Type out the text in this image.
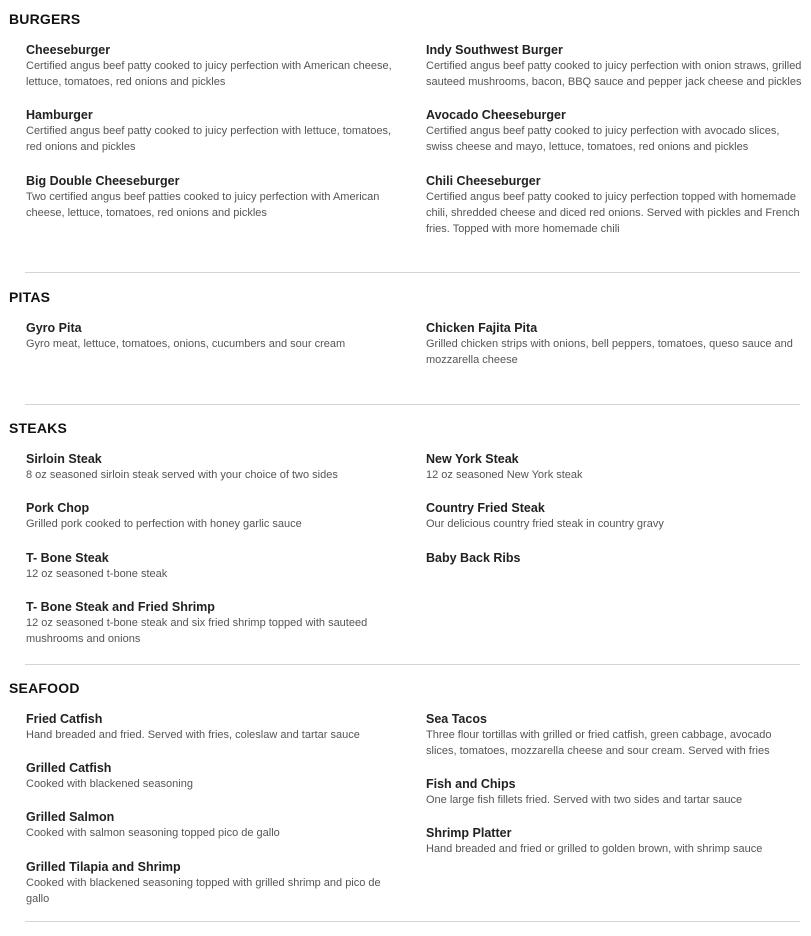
BURGERS

Cheeseburger

Certified angus beef patty cooked to juicy perfection with American cheese, lettuce, tomatoes, red onions and pickles

Hamburger

Certified angus beef patty cooked to juicy perfection with lettuce, tomatoes, red onions and pickles

Big Double Cheeseburger

Two certified angus beef patties cooked to juicy perfection with American cheese, lettuce, tomatoes, red onions and pickles

Indy Southwest Burger

Certified angus beef patty cooked to juicy perfection with onion straws, grilled sauteed mushrooms, bacon, BBQ sauce and pepper jack cheese and pickles

Avocado Cheeseburger

Certified angus beef patty cooked to juicy perfection with avocado slices, swiss cheese and mayo, lettuce, tomatoes, red onions and pickles

Chili Cheeseburger

Certified angus beef patty cooked to juicy perfection topped with homemade chili, shredded cheese and diced red onions. Served with pickles and French fries. Topped with more homemade chili

PITAS

Gyro Pita

Gyro meat, lettuce, tomatoes, onions, cucumbers and sour cream

Chicken Fajita Pita

Grilled chicken strips with onions, bell peppers, tomatoes, queso sauce and mozzarella cheese

STEAKS

Sirloin Steak

8 oz seasoned sirloin steak served with your choice of two sides

Pork Chop

Grilled pork cooked to perfection with honey garlic sauce

T- Bone Steak

12 oz seasoned t-bone steak

T- Bone Steak and Fried Shrimp

12 oz seasoned t-bone steak and six fried shrimp topped with sauteed mushrooms and onions

New York Steak

12 oz seasoned New York steak

Country Fried Steak

Our delicious country fried steak in country gravy

Baby Back Ribs

SEAFOOD

Fried Catfish

Hand breaded and fried. Served with fries, coleslaw and tartar sauce

Grilled Catfish

Cooked with blackened seasoning

Grilled Salmon

Cooked with salmon seasoning topped pico de gallo

Grilled Tilapia and Shrimp

Cooked with blackened seasoning topped with grilled shrimp and pico de gallo

Sea Tacos

Three flour tortillas with grilled or fried catfish, green cabbage, avocado slices, tomatoes, mozzarella cheese and sour cream. Served with fries

Fish and Chips

One large fish fillets fried. Served with two sides and tartar sauce

Shrimp Platter

Hand breaded and fried or grilled to golden brown, with shrimp sauce
